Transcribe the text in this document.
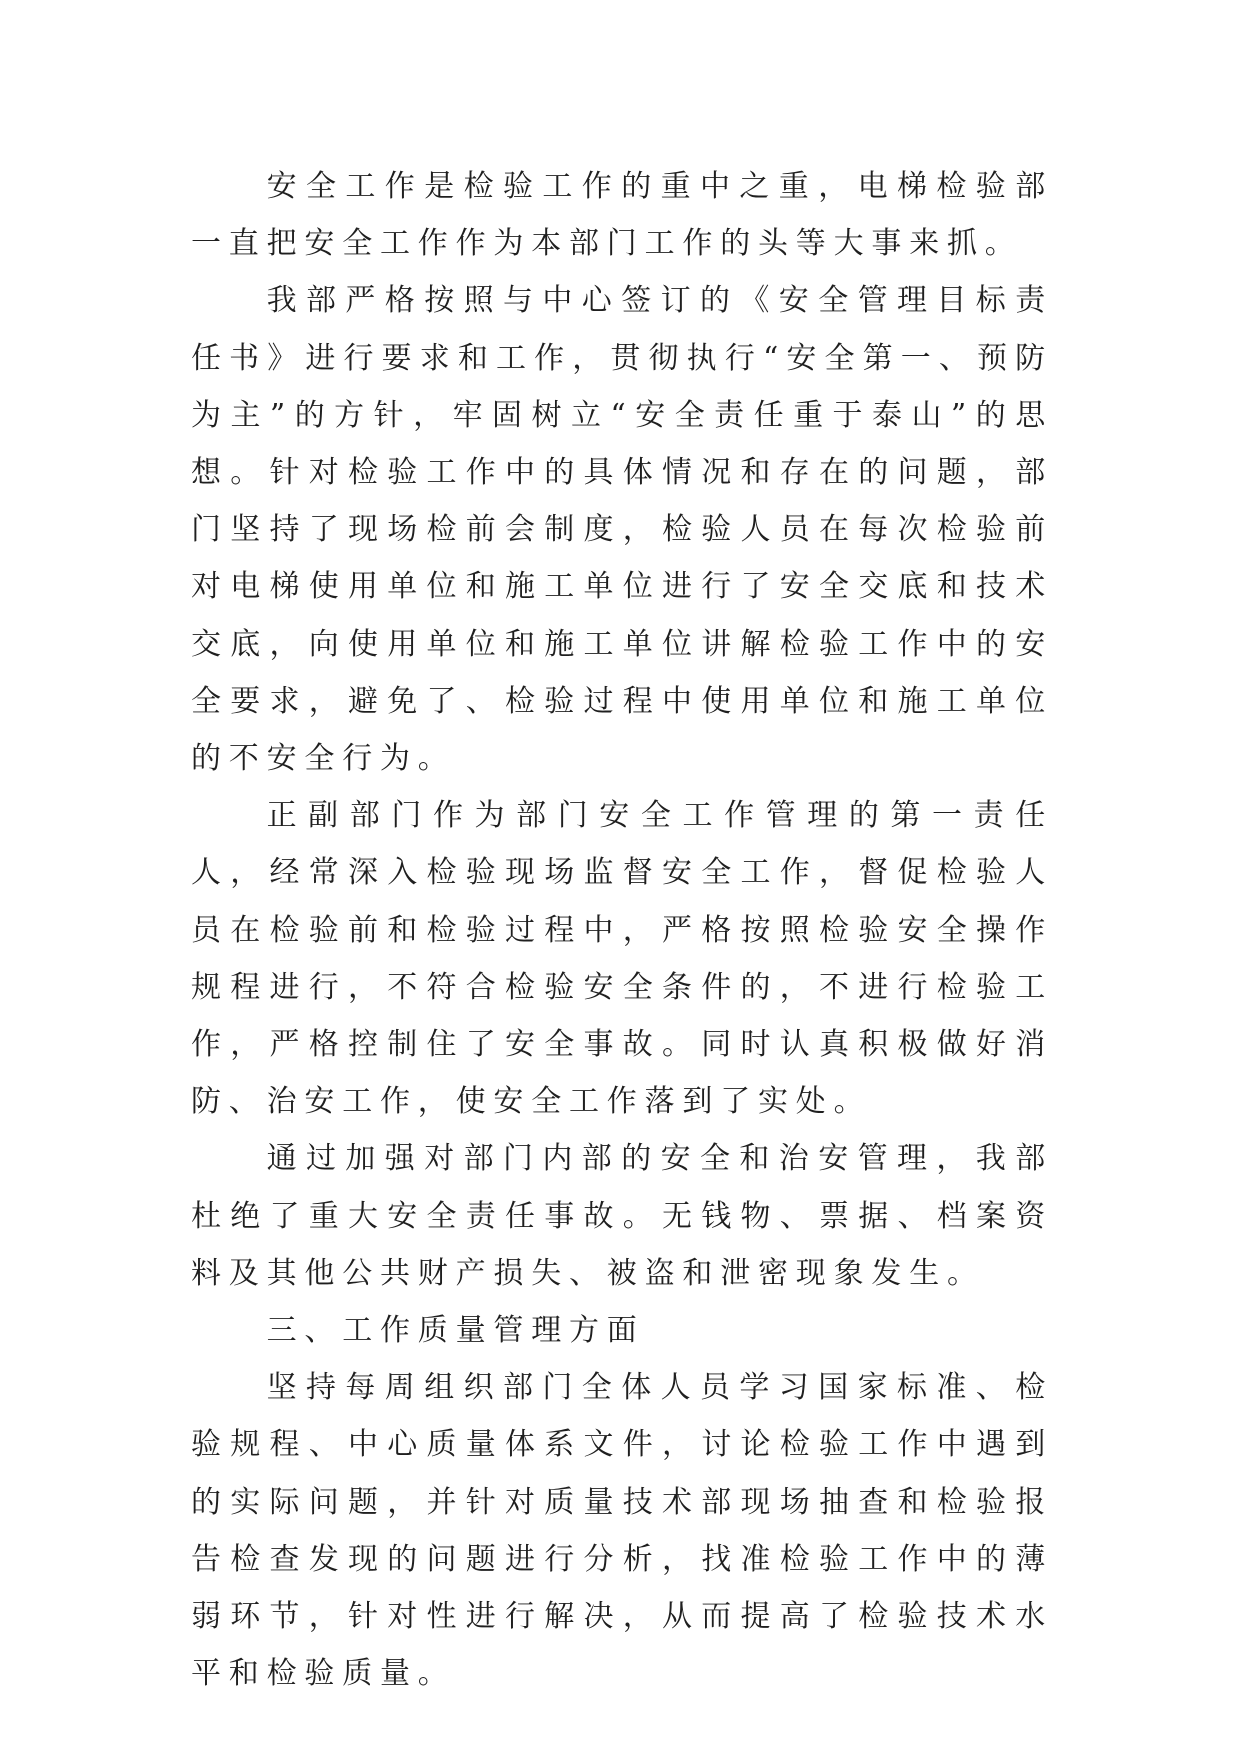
安全工作是检验工作的重中之重，电梯检验部一直把安全工作作为本部门工作的头等大事来抓。

我部严格按照与中心签订的《安全管理目标责任书》进行要求和工作，贯彻执行“安全第一、预防为主”的方针，牢固树立“安全责任重于泰山”的思想。针对检验工作中的具体情况和存在的问题，部门坚持了现场检前会制度，检验人员在每次检验前对电梯使用单位和施工单位进行了安全交底和技术交底，向使用单位和施工单位讲解检验工作中的安全要求，避免了、检验过程中使用单位和施工单位的不安全行为。

正副部门作为部门安全工作管理的第一责任人，经常深入检验现场监督安全工作，督促检验人员在检验前和检验过程中，严格按照检验安全操作规程进行，不符合检验安全条件的，不进行检验工作，严格控制住了安全事故。同时认真积极做好消防、治安工作，使安全工作落到了实处。

通过加强对部门内部的安全和治安管理，我部杜绝了重大安全责任事故。无钱物、票据、档案资料及其他公共财产损失、被盗和泄密现象发生。

三、工作质量管理方面

坚持每周组织部门全体人员学习国家标准、检验规程、中心质量体系文件，讨论检验工作中遇到的实际问题，并针对质量技术部现场抽查和检验报告检查发现的问题进行分析，找准检验工作中的薄弱环节，针对性进行解决，从而提高了检验技术水平和检验质量。
